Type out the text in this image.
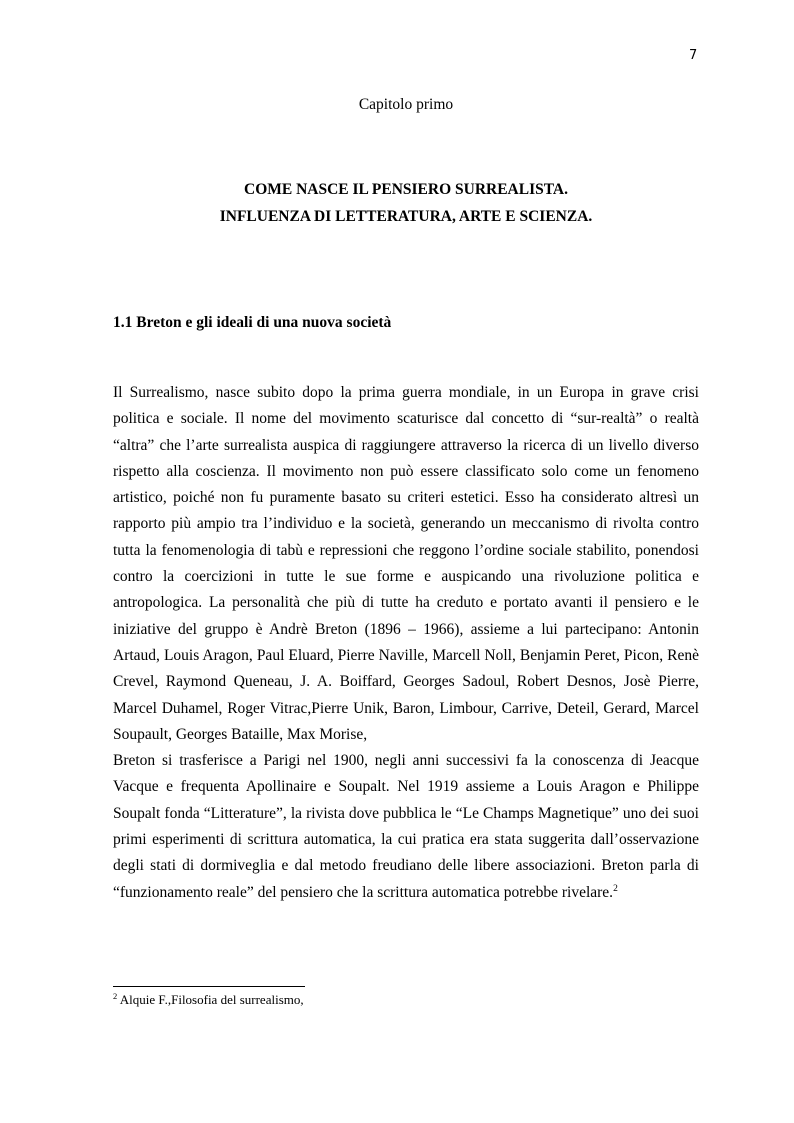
7
Capitolo primo
COME NASCE IL PENSIERO SURREALISTA.
INFLUENZA DI LETTERATURA, ARTE E SCIENZA.
1.1 Breton e gli ideali di una nuova società

Il Surrealismo, nasce subito dopo la prima guerra mondiale, in un Europa in grave crisi politica e sociale. Il nome del movimento scaturisce dal concetto di “sur-realtà” o realtà “altra” che l’arte surrealista auspica di raggiungere attraverso la ricerca di un livello diverso rispetto alla coscienza. Il movimento non può essere classificato solo come un fenomeno artistico, poiché non fu puramente basato su criteri estetici. Esso ha considerato altresì un rapporto più ampio tra l’individuo e la società, generando un meccanismo di rivolta contro tutta la fenomenologia di tabù e repressioni che reggono l’ordine sociale stabilito, ponendosi contro la coercizioni in tutte le sue forme e auspicando una rivoluzione politica e antropologica. La personalità che più di tutte ha creduto e portato avanti il pensiero e le iniziative del gruppo è Andrè Breton (1896 – 1966), assieme a lui partecipano: Antonin Artaud, Louis Aragon, Paul Eluard, Pierre Naville, Marcell Noll, Benjamin Peret, Picon, Renè Crevel, Raymond Queneau, J. A. Boiffard, Georges Sadoul, Robert Desnos, Josè Pierre, Marcel Duhamel, Roger Vitrac,Pierre Unik, Baron, Limbour, Carrive, Deteil, Gerard, Marcel Soupault, Georges Bataille, Max Morise,

Breton si trasferisce a Parigi nel 1900, negli anni successivi fa la conoscenza di Jeacque Vacque e frequenta Apollinaire e Soupalt. Nel 1919 assieme a Louis Aragon e Philippe Soupalt fonda “Litterature”, la rivista dove pubblica le “Le Champs Magnetique” uno dei suoi primi esperimenti di scrittura automatica, la cui pratica era stata suggerita dall’osservazione degli stati di dormiveglia e dal metodo freudiano delle libere associazioni. Breton parla di “funzionamento reale” del pensiero che la scrittura automatica potrebbe rivelare.$^2$

$^2$ Alquie F.,Filosofia del surrealismo,
